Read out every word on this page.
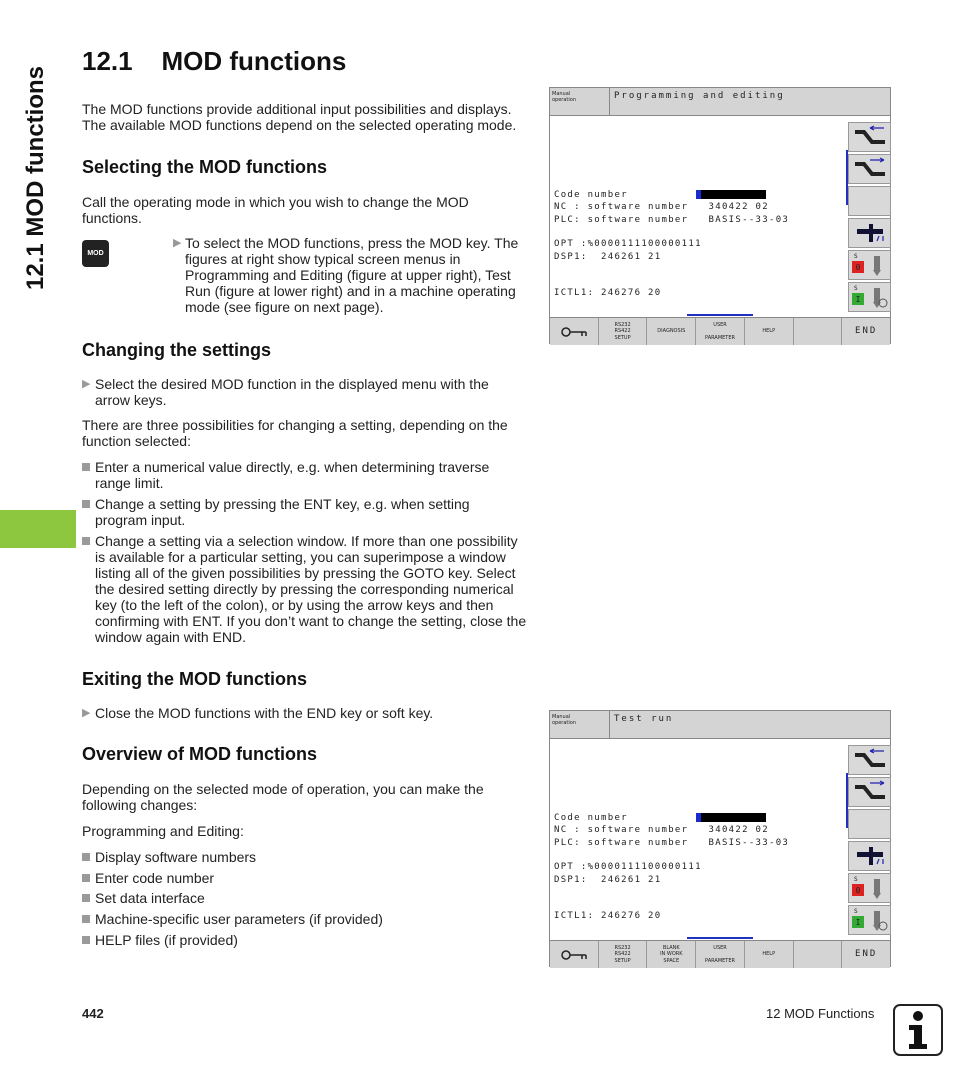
12.1 MOD functions
12.1    MOD functions
The MOD functions provide additional input possibilities and displays. The available MOD functions depend on the selected operating mode.
Selecting the MOD functions
Call the operating mode in which you wish to change the MOD functions.
MOD
▶ To select the MOD functions, press the MOD key. The figures at right show typical screen menus in Programming and Editing (figure at upper right), Test Run (figure at lower right) and in a machine operating mode (see figure on next page).
Changing the settings
▶ Select the desired MOD function in the displayed menu with the arrow keys.
There are three possibilities for changing a setting, depending on the function selected:
Enter a numerical value directly, e.g. when determining traverse range limit.
Change a setting by pressing the ENT key, e.g. when setting program input.
Change a setting via a selection window. If more than one possibility is available for a particular setting, you can superimpose a window listing all of the given possibilities by pressing the GOTO key. Select the desired setting directly by pressing the corresponding numerical key (to the left of the colon), or by using the arrow keys and then confirming with ENT. If you don’t want to change the setting, close the window again with END.
Exiting the MOD functions
▶ Close the MOD functions with the END key or soft key.
Overview of MOD functions
Depending on the selected mode of operation, you can make the following changes:
Programming and Editing:
Display software numbers
Enter code number
Set data interface
Machine-specific user parameters (if provided)
HELP files (if provided)
Manual
operation	Programming and editing
Code number
NC : software number   340422 02
PLC: software number   BASIS--33-03
OPT :%0000111100000111
DSP1:  246261 21
ICTL1: 246276 20
S
0
S
I
RS232
RS422
SETUP
DIAGNOSIS
USER

PARAMETER
HELP	END
Manual
operation	Test run
Code number
NC : software number   340422 02
PLC: software number   BASIS--33-03
OPT :%0000111100000111
DSP1:  246261 21
ICTL1: 246276 20
S
0
S
I
RS232
RS422
SETUP
BLANK
IN WORK
SPACE
USER

PARAMETER
HELP	END
442	12 MOD Functions
